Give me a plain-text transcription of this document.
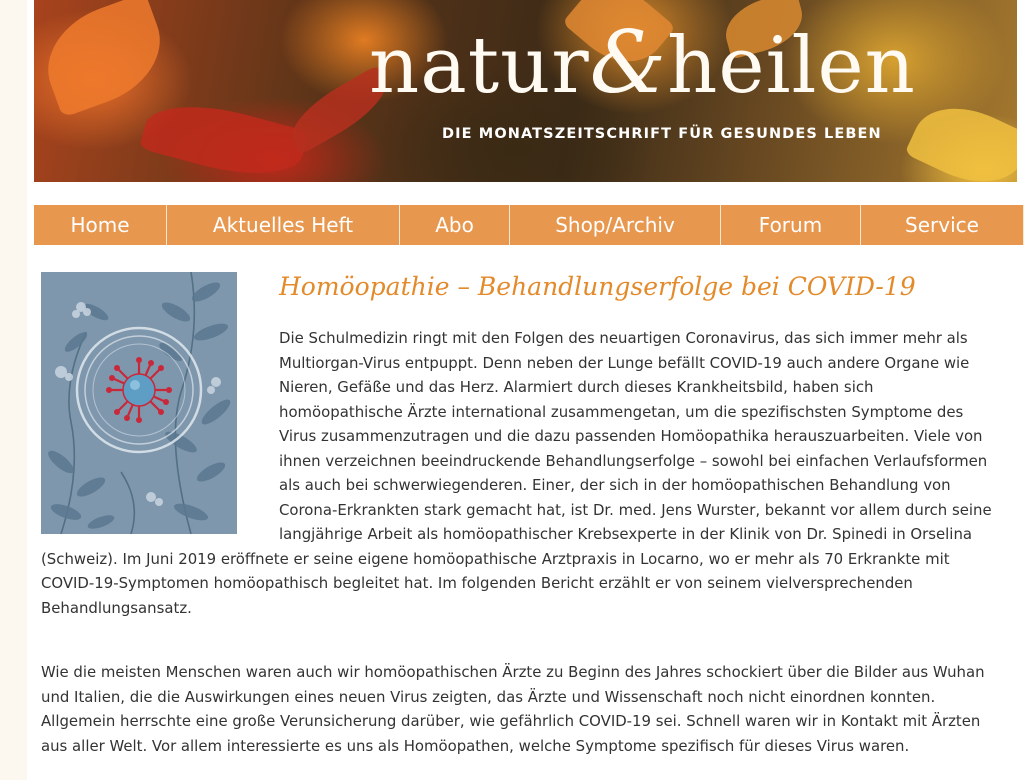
natur&heilen
DIE MONATSZEITSCHRIFT FÜR GESUNDES LEBEN
Home	Aktuelles Heft	Abo	Shop/Archiv	Forum	Service
Homöopathie – Behandlungserfolge bei COVID-19
Die Schulmedizin ringt mit den Folgen des neuartigen Coronavirus, das sich immer mehr als Multiorgan-Virus entpuppt. Denn neben der Lunge befällt COVID-19 auch andere Organe wie Nieren, Gefäße und das Herz. Alarmiert durch dieses Krankheitsbild, haben sich homöopathische Ärzte international zusammengetan, um die spezifischsten Symptome des Virus zusammenzutragen und die dazu passenden Homöopathika herauszuarbeiten. Viele von ihnen verzeichnen beeindruckende Behandlungserfolge – sowohl bei einfachen Verlaufsformen als auch bei schwerwiegenderen. Einer, der sich in der homöopathischen Behandlung von Corona-Erkrankten stark gemacht hat, ist Dr. med. Jens Wurster, bekannt vor allem durch seine langjährige Arbeit als homöopathischer Krebsexperte in der Klinik von Dr. Spinedi in Orselina (Schweiz). Im Juni 2019 eröffnete er seine eigene homöopathische Arztpraxis in Locarno, wo er mehr als 70 Erkrankte mit COVID-19-Symptomen homöopathisch begleitet hat. Im folgenden Bericht erzählt er von seinem vielversprechenden Behandlungsansatz.

Wie die meisten Menschen waren auch wir homöopathischen Ärzte zu Beginn des Jahres schockiert über die Bilder aus Wuhan und Italien, die die Auswirkungen eines neuen Virus zeigten, das Ärzte und Wissenschaft noch nicht einordnen konnten. Allgemein herrschte eine große Verunsicherung darüber, wie gefährlich COVID-19 sei. Schnell waren wir in Kontakt mit Ärzten aus aller Welt. Vor allem interessierte es uns als Homöopathen, welche Symptome spezifisch für dieses Virus waren.
